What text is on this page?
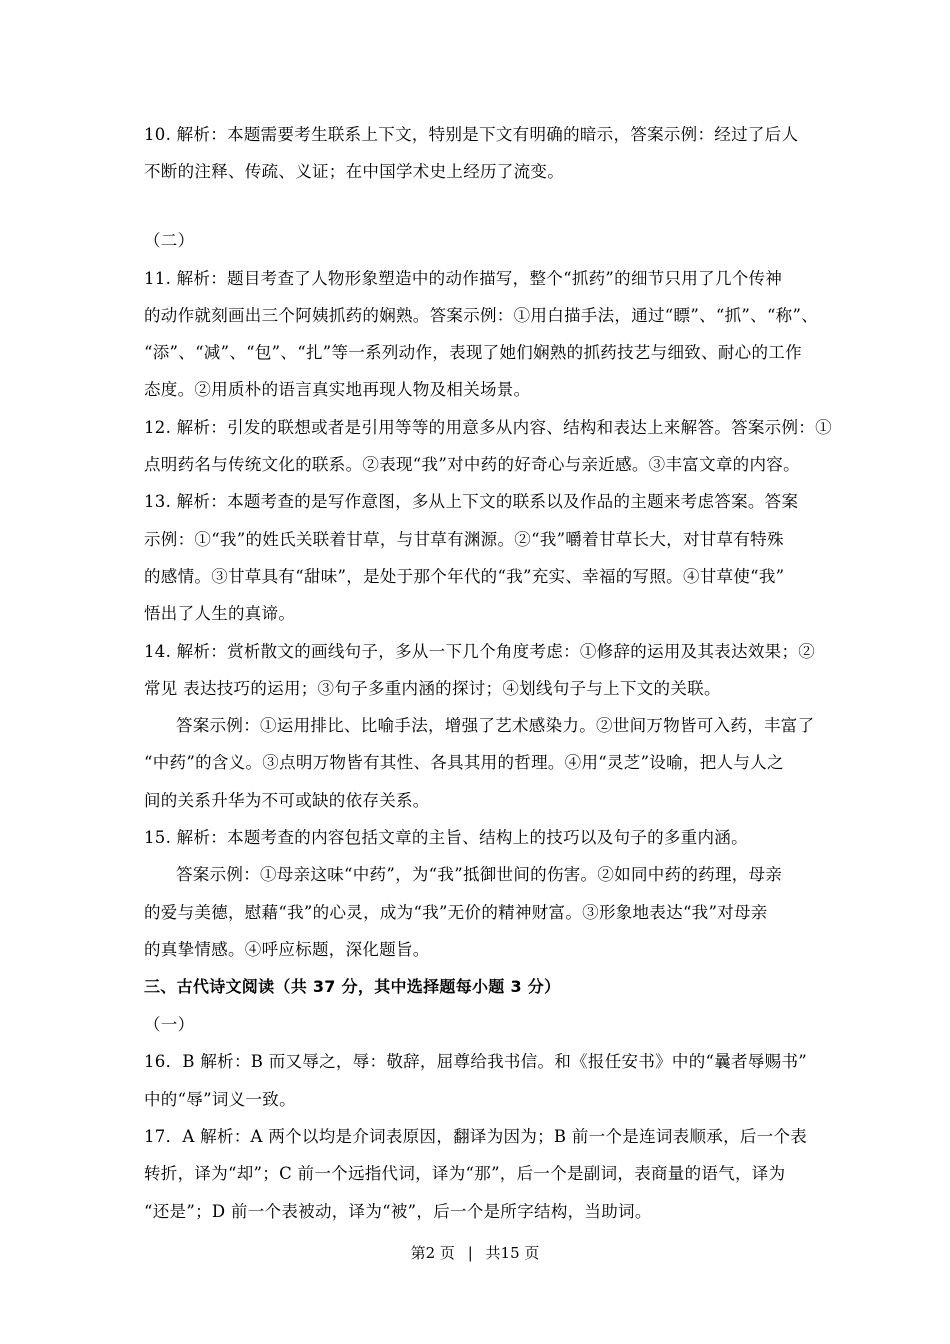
10. 解析：本题需要考生联系上下文，特别是下文有明确的暗示，答案示例：经过了后人
不断的注释、传疏、义证；在中国学术史上经历了流变。
（二）
11. 解析：题目考查了人物形象塑造中的动作描写，整个“抓药”的细节只用了几个传神
的动作就刻画出三个阿姨抓药的娴熟。答案示例：①用白描手法，通过“瞟”、“抓”、“称”、
“添”、“减”、“包”、“扎”等一系列动作，表现了她们娴熟的抓药技艺与细致、耐心的工作
态度。②用质朴的语言真实地再现人物及相关场景。
12. 解析：引发的联想或者是引用等等的用意多从内容、结构和表达上来解答。答案示例：①
点明药名与传统文化的联系。②表现“我”对中药的好奇心与亲近感。③丰富文章的内容。
13. 解析：本题考查的是写作意图，多从上下文的联系以及作品的主题来考虑答案。答案
示例：①“我”的姓氏关联着甘草，与甘草有渊源。②“我”嚼着甘草长大，对甘草有特殊
的感情。③甘草具有“甜味”，是处于那个年代的“我”充实、幸福的写照。④甘草使“我”
悟出了人生的真谛。
14. 解析：赏析散文的画线句子，多从一下几个角度考虑：①修辞的运用及其表达效果；②
常见 表达技巧的运用；③句子多重内涵的探讨；④划线句子与上下文的关联。
答案示例：①运用排比、比喻手法，增强了艺术感染力。②世间万物皆可入药，丰富了
“中药”的含义。③点明万物皆有其性、各具其用的哲理。④用“灵芝”设喻，把人与人之
间的关系升华为不可或缺的依存关系。
15. 解析：本题考查的内容包括文章的主旨、结构上的技巧以及句子的多重内涵。
答案示例：①母亲这味“中药”，为“我”抵御世间的伤害。②如同中药的药理，母亲
的爱与美德，慰藉“我”的心灵，成为“我”无价的精神财富。③形象地表达“我”对母亲
的真挚情感。④呼应标题，深化题旨。
三、古代诗文阅读（共 37 分，其中选择题每小题 3 分）
（一）
16．B 解析：B 而又辱之，辱：敬辞，屈尊给我书信。和《报任安书》中的“曩者辱赐书”
中的“辱”词义一致。
17．A 解析：A 两个以均是介词表原因，翻译为因为；B 前一个是连词表顺承，后一个表
转折，译为“却”；C 前一个远指代词，译为“那”，后一个是副词，表商量的语气，译为
“还是”；D 前一个表被动，译为“被”，后一个是所字结构，当助词。
第2 页 | 共15 页
